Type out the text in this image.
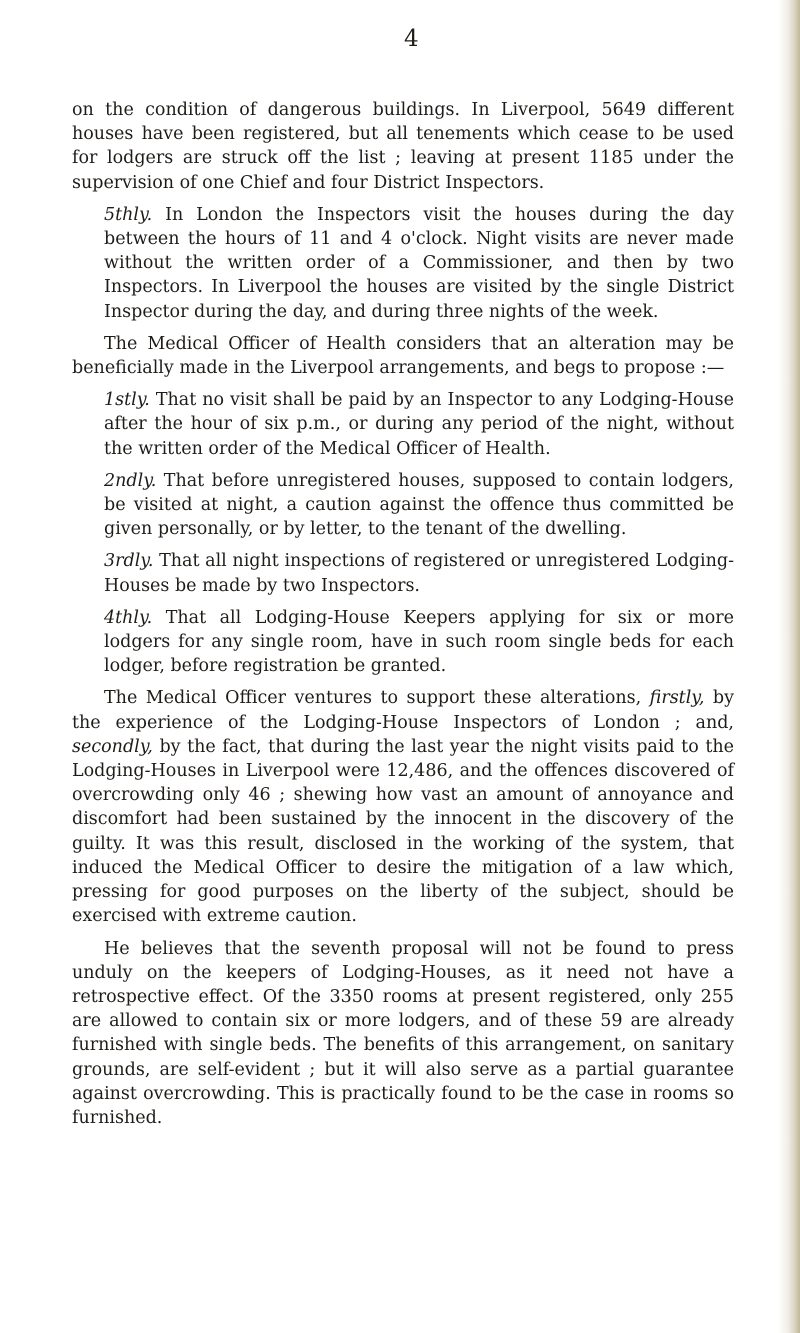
4

on the condition of dangerous buildings. In Liverpool, 5649 different houses have been registered, but all tenements which cease to be used for lodgers are struck off the list ; leaving at present 1185 under the supervision of one Chief and four District Inspectors.

5thly. In London the Inspectors visit the houses during the day between the hours of 11 and 4 o'clock. Night visits are never made without the written order of a Commissioner, and then by two Inspectors. In Liverpool the houses are visited by the single District Inspector during the day, and during three nights of the week.

The Medical Officer of Health considers that an alteration may be beneficially made in the Liverpool arrangements, and begs to propose :—

1stly. That no visit shall be paid by an Inspector to any Lodging-House after the hour of six p.m., or during any period of the night, without the written order of the Medical Officer of Health.

2ndly. That before unregistered houses, supposed to contain lodgers, be visited at night, a caution against the offence thus committed be given personally, or by letter, to the tenant of the dwelling.

3rdly. That all night inspections of registered or unregistered Lodging-Houses be made by two Inspectors.

4thly. That all Lodging-House Keepers applying for six or more lodgers for any single room, have in such room single beds for each lodger, before registration be granted.

The Medical Officer ventures to support these alterations, firstly, by the experience of the Lodging-House Inspectors of London ; and, secondly, by the fact, that during the last year the night visits paid to the Lodging-Houses in Liverpool were 12,486, and the offences discovered of overcrowding only 46 ; shewing how vast an amount of annoyance and discomfort had been sustained by the innocent in the discovery of the guilty. It was this result, disclosed in the working of the system, that induced the Medical Officer to desire the mitigation of a law which, pressing for good purposes on the liberty of the subject, should be exercised with extreme caution.

He believes that the seventh proposal will not be found to press unduly on the keepers of Lodging-Houses, as it need not have a retrospective effect. Of the 3350 rooms at present registered, only 255 are allowed to contain six or more lodgers, and of these 59 are already furnished with single beds. The benefits of this arrangement, on sanitary grounds, are self-evident ; but it will also serve as a partial guarantee against overcrowding. This is practically found to be the case in rooms so furnished.
